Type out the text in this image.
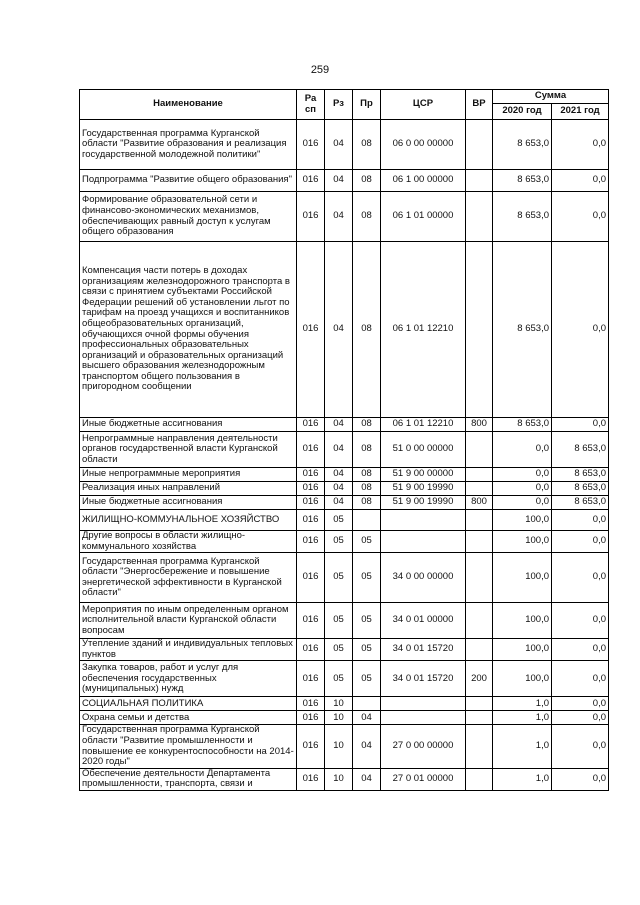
259
Наименование	Ра сп	Рз	Пр	ЦСР	ВР	Сумма	
						2020 год	2021 год
Государственная программа Курганской области "Развитие образования и реализация государственной молодежной политики"	016	04	08	06 0 00 00000		8 653,0	0,0
Подпрограмма "Развитие общего образования"	016	04	08	06 1 00 00000		8 653,0	0,0
Формирование образовательной сети и финансово-экономических механизмов, обеспечивающих равный доступ к услугам общего образования	016	04	08	06 1 01 00000		8 653,0	0,0
Компенсация части потерь в доходах организациям железнодорожного транспорта в связи с принятием субъектами Российской Федерации решений об установлении льгот по тарифам на проезд учащихся и воспитанников общеобразовательных организаций, обучающихся очной формы обучения профессиональных образовательных организаций и образовательных организаций высшего образования железнодорожным транспортом общего пользования в пригородном сообщении	016	04	08	06 1 01 12210		8 653,0	0,0
Иные бюджетные ассигнования	016	04	08	06 1 01 12210	800	8 653,0	0,0
Непрограммные направления деятельности органов государственной власти Курганской области	016	04	08	51 0 00 00000		0,0	8 653,0
Иные непрограммные мероприятия	016	04	08	51 9 00 00000		0,0	8 653,0
Реализация иных направлений	016	04	08	51 9 00 19990		0,0	8 653,0
Иные бюджетные ассигнования	016	04	08	51 9 00 19990	800	0,0	8 653,0
ЖИЛИЩНО-КОММУНАЛЬНОЕ ХОЗЯЙСТВО	016	05				100,0	0,0
Другие вопросы в области жилищно-коммунального хозяйства	016	05	05			100,0	0,0
Государственная программа Курганской области "Энергосбережение и повышение энергетической эффективности в Курганской области"	016	05	05	34 0 00 00000		100,0	0,0
Мероприятия по иным определенным органом исполнительной власти Курганской области вопросам	016	05	05	34 0 01 00000		100,0	0,0
Утепление зданий и индивидуальных тепловых пунктов	016	05	05	34 0 01 15720		100,0	0,0
Закупка товаров, работ и услуг для обеспечения государственных (муниципальных) нужд	016	05	05	34 0 01 15720	200	100,0	0,0
СОЦИАЛЬНАЯ ПОЛИТИКА	016	10				1,0	0,0
Охрана семьи и детства	016	10	04			1,0	0,0
Государственная программа Курганской области "Развитие промышленности и повышение ее конкурентоспособности на 2014-2020 годы"	016	10	04	27 0 00 00000		1,0	0,0
Обеспечение деятельности Департамента промышленности, транспорта, связи и	016	10	04	27 0 01 00000		1,0	0,0
